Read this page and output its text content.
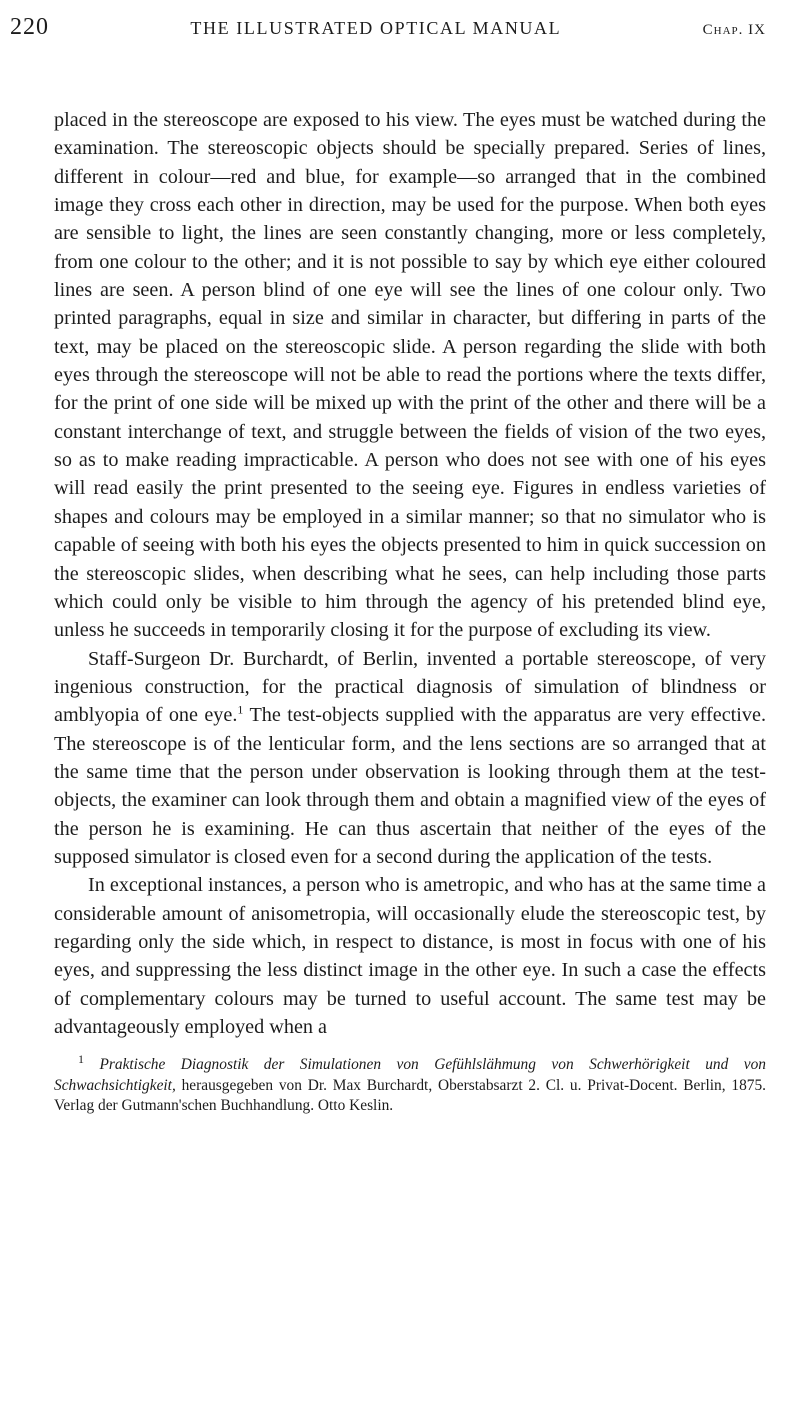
220	THE ILLUSTRATED OPTICAL MANUAL	Chap. IX

placed in the stereoscope are exposed to his view. The eyes must be watched during the examination. The stereoscopic objects should be specially prepared. Series of lines, different in colour—red and blue, for example—so arranged that in the combined image they cross each other in direction, may be used for the purpose. When both eyes are sensible to light, the lines are seen constantly changing, more or less completely, from one colour to the other; and it is not possible to say by which eye either coloured lines are seen. A person blind of one eye will see the lines of one colour only. Two printed paragraphs, equal in size and similar in character, but differing in parts of the text, may be placed on the stereoscopic slide. A person regarding the slide with both eyes through the stereoscope will not be able to read the portions where the texts differ, for the print of one side will be mixed up with the print of the other and there will be a constant interchange of text, and struggle between the fields of vision of the two eyes, so as to make reading impracticable. A person who does not see with one of his eyes will read easily the print presented to the seeing eye. Figures in endless varieties of shapes and colours may be employed in a similar manner; so that no simulator who is capable of seeing with both his eyes the objects presented to him in quick succession on the stereoscopic slides, when describing what he sees, can help including those parts which could only be visible to him through the agency of his pretended blind eye, unless he succeeds in temporarily closing it for the purpose of excluding its view.

Staff-Surgeon Dr. Burchardt, of Berlin, invented a portable stereoscope, of very ingenious construction, for the practical diagnosis of simulation of blindness or amblyopia of one eye.$^1$ The test-objects supplied with the apparatus are very effective. The stereoscope is of the lenticular form, and the lens sections are so arranged that at the same time that the person under observation is looking through them at the test-objects, the examiner can look through them and obtain a magnified view of the eyes of the person he is examining. He can thus ascertain that neither of the eyes of the supposed simulator is closed even for a second during the application of the tests.

In exceptional instances, a person who is ametropic, and who has at the same time a considerable amount of anisometropia, will occasionally elude the stereoscopic test, by regarding only the side which, in respect to distance, is most in focus with one of his eyes, and suppressing the less distinct image in the other eye. In such a case the effects of complementary colours may be turned to useful account. The same test may be advantageously employed when a

$^1$ Praktische Diagnostik der Simulationen von Gefühlslähmung von Schwerhörigkeit und von Schwachsichtigkeit, herausgegeben von Dr. Max Burchardt, Oberstabsarzt 2. Cl. u. Privat-Docent. Berlin, 1875. Verlag der Gutmann'schen Buchhandlung. Otto Keslin.
